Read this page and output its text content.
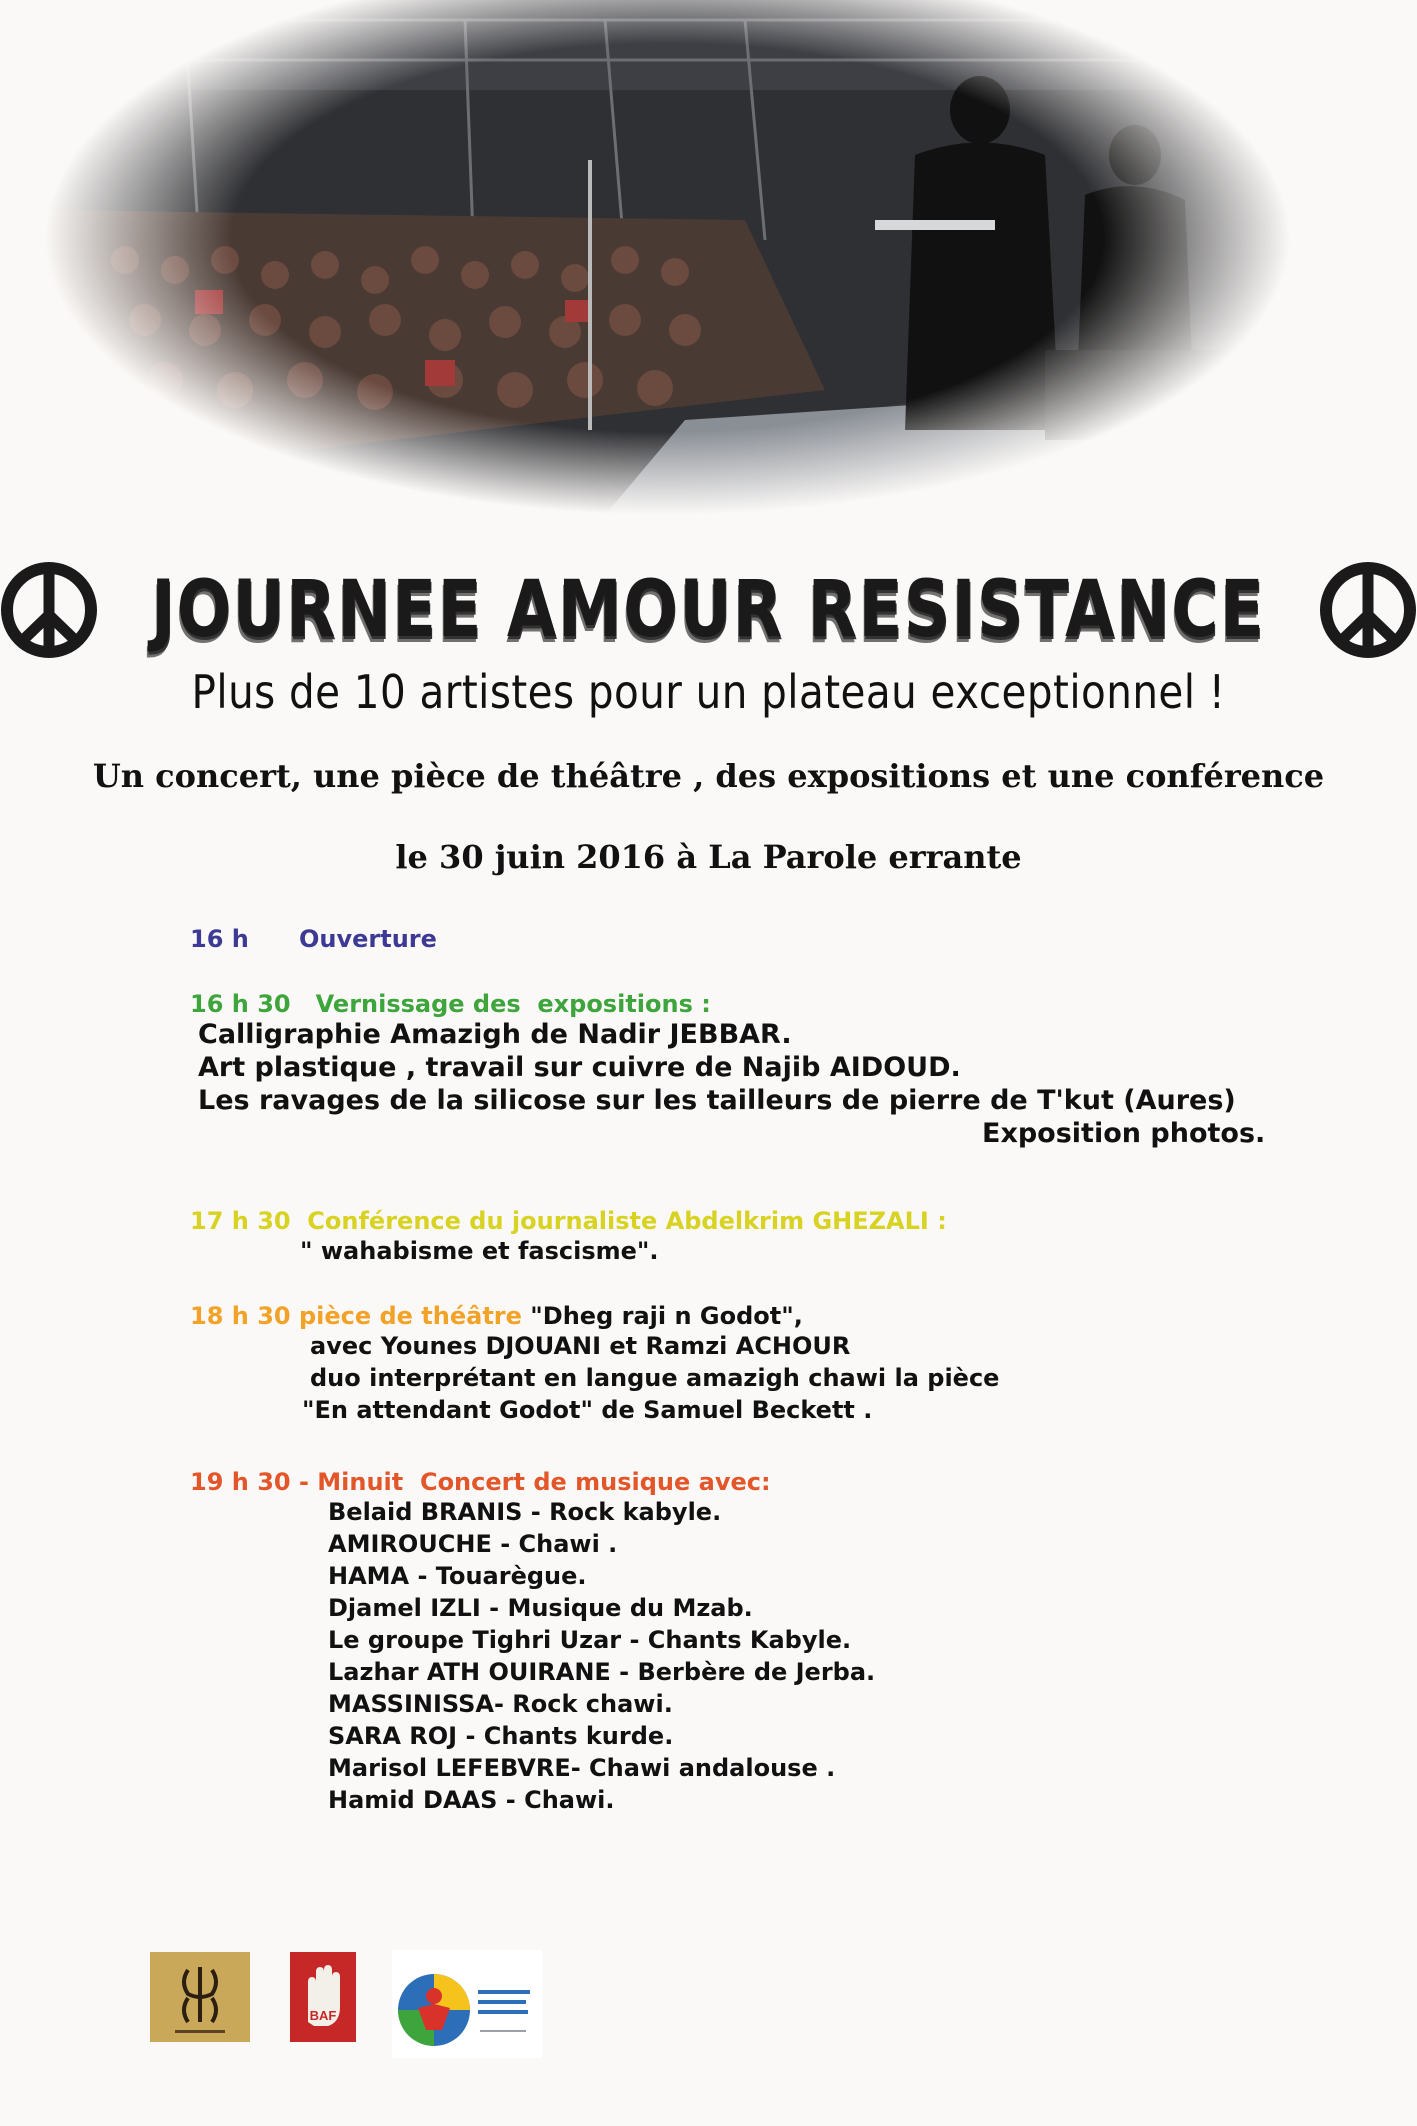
JOURNEE AMOUR RESISTANCE
Plus de 10 artistes pour un plateau exceptionnel !
Un concert, une pièce de théâtre , des expositions et une conférence
le 30 juin 2016 à La Parole errante
16 h      Ouverture
16 h 30   Vernissage des  expositions :
Calligraphie Amazigh de Nadir JEBBAR.
Art plastique , travail sur cuivre de Najib AIDOUD.
Les ravages de la silicose sur les tailleurs de pierre de T'kut (Aures)
Exposition photos.
17 h 30  Conférence du journaliste Abdelkrim GHEZALI :
" wahabisme et fascisme".
18 h 30 pièce de théâtre "Dheg raji n Godot",
avec Younes DJOUANI et Ramzi ACHOUR
duo interprétant en langue amazigh chawi la pièce
"En attendant Godot" de Samuel Beckett .
19 h 30 - Minuit  Concert de musique avec:
Belaid BRANIS - Rock kabyle.
AMIROUCHE - Chawi .
HAMA - Touarègue.
Djamel IZLI - Musique du Mzab.
Le groupe Tighri Uzar - Chants Kabyle.
Lazhar ATH OUIRANE - Berbère de Jerba.
MASSINISSA- Rock chawi.
SARA ROJ - Chants kurde.
Marisol LEFEBVRE- Chawi andalouse .
Hamid DAAS - Chawi.
BAF
